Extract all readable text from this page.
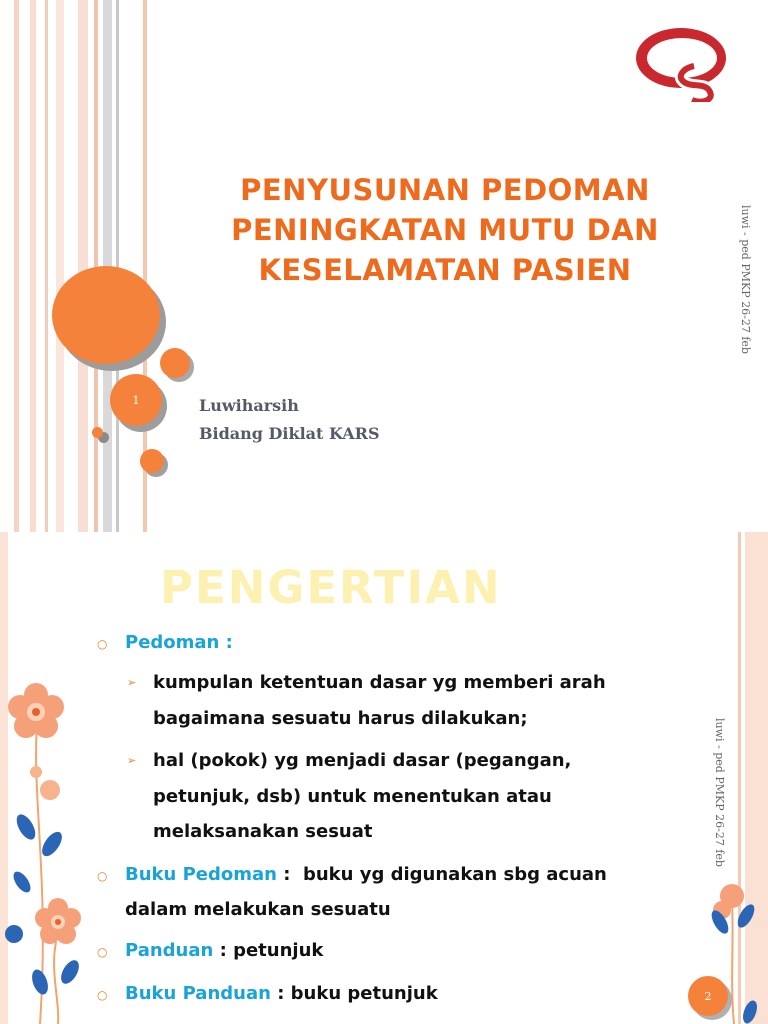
1
PENYUSUNAN PEDOMAN
PENINGKATAN MUTU DAN
KESELAMATAN PASIEN
Luwiharsih
Bidang Diklat KARS
luwi - ped PMKP 26-27 feb
PENGERTIAN
○ Pedoman :
➢ kumpulan ketentuan dasar yg memberi arah
bagaimana sesuatu harus dilakukan;
➢ hal (pokok) yg menjadi dasar (pegangan,
petunjuk, dsb) untuk menentukan atau
melaksanakan sesuat
○ Buku Pedoman :  buku yg digunakan sbg acuan
dalam melakukan sesuatu
○ Panduan : petunjuk
○ Buku Panduan : buku petunjuk
luwi - ped PMKP 26-27 feb
2
